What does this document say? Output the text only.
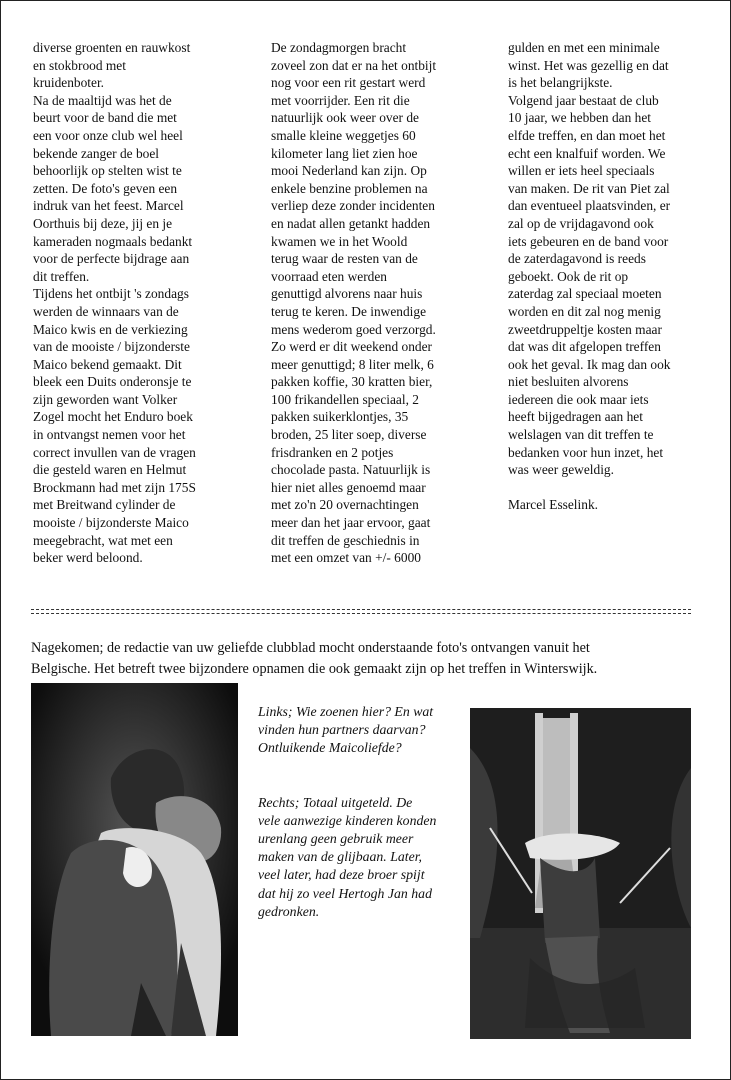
diverse groenten en rauwkost

en stokbrood met

kruidenboter.

Na de maaltijd was het de

beurt voor de band die met

een voor onze club wel heel

bekende zanger de boel

behoorlijk op stelten wist te

zetten. De foto's geven een

indruk van het feest. Marcel

Oorthuis bij deze, jij en je

kameraden nogmaals bedankt

voor de perfecte bijdrage aan

dit treffen.

Tijdens het ontbijt 's zondags

werden de winnaars van de

Maico kwis en de verkiezing

van de mooiste / bijzonderste

Maico bekend gemaakt. Dit

bleek een Duits onderonsje te

zijn geworden want Volker

Zogel mocht het Enduro boek

in ontvangst nemen voor het

correct invullen van de vragen

die gesteld waren en Helmut

Brockmann had met zijn 175S

met Breitwand cylinder de

mooiste / bijzonderste Maico

meegebracht, wat met een

beker werd beloond.

De zondagmorgen bracht

zoveel zon dat er na het ontbijt

nog voor een rit gestart werd

met voorrijder. Een rit die

natuurlijk ook weer over de

smalle kleine weggetjes 60

kilometer lang liet zien hoe

mooi Nederland kan zijn. Op

enkele benzine problemen na

verliep deze zonder incidenten

en nadat allen getankt hadden

kwamen we in het Woold

terug waar de resten van de

voorraad eten werden

genuttigd alvorens naar huis

terug te keren. De inwendige

mens wederom goed verzorgd.

Zo werd er dit weekend onder

meer genuttigd; 8 liter melk, 6

pakken koffie, 30 kratten bier,

100 frikandellen speciaal, 2

pakken suikerklontjes, 35

broden, 25 liter soep, diverse

frisdranken en 2 potjes

chocolade pasta. Natuurlijk is

hier niet alles genoemd maar

met zo'n 20 overnachtingen

meer dan het jaar ervoor, gaat

dit treffen de geschiednis in

met een omzet van +/- 6000

gulden en met een minimale

winst. Het was gezellig en dat

is het belangrijkste.

Volgend jaar bestaat de club

10 jaar, we hebben dan het

elfde treffen, en dan moet het

echt een knalfuif worden. We

willen er iets heel speciaals

van maken. De rit van Piet zal

dan eventueel plaatsvinden, er

zal op de vrijdagavond ook

iets gebeuren en de band voor

de zaterdagavond is reeds

geboekt. Ook de rit op

zaterdag zal speciaal moeten

worden en dit zal nog menig

zweetdruppeltje kosten maar

dat was dit afgelopen treffen

ook het geval. Ik mag dan ook

niet besluiten alvorens

iedereen die ook maar iets

heeft bijgedragen aan het

welslagen van dit treffen te

bedanken voor hun inzet, het

was weer geweldig.

Marcel Esselink.

Nagekomen; de redactie van uw geliefde clubblad mocht onderstaande foto's ontvangen vanuit het

Belgische. Het betreft twee bijzondere opnamen die ook gemaakt zijn op het treffen in Winterswijk.

Links; Wie zoenen hier? En wat

vinden hun partners daarvan?

Ontluikende Maicoliefde?

Rechts; Totaal uitgeteld. De

vele aanwezige kinderen konden

urenlang geen gebruik meer

maken van de glijbaan. Later,

veel later, had deze broer spijt

dat hij zo veel Hertogh Jan had

gedronken.
